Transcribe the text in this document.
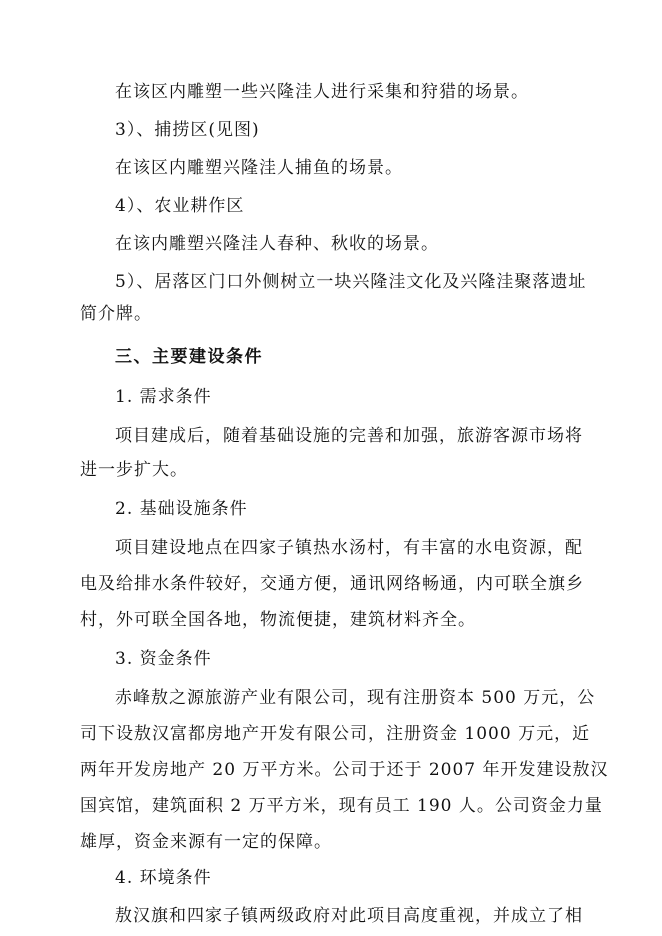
在该区内雕塑一些兴隆洼人进行采集和狩猎的场景。
3）、捕捞区(见图)
在该区内雕塑兴隆洼人捕鱼的场景。
4）、农业耕作区
在该内雕塑兴隆洼人春种、秋收的场景。
5）、居落区门口外侧树立一块兴隆洼文化及兴隆洼聚落遗址
简介牌。
三、主要建设条件
1. 需求条件
项目建成后，随着基础设施的完善和加强，旅游客源市场将
进一步扩大。
2. 基础设施条件
项目建设地点在四家子镇热水汤村，有丰富的水电资源，配
电及给排水条件较好，交通方便，通讯网络畅通，内可联全旗乡
村，外可联全国各地，物流便捷，建筑材料齐全。
3. 资金条件
赤峰敖之源旅游产业有限公司，现有注册资本 500 万元，公
司下设敖汉富都房地产开发有限公司，注册资金 1000 万元，近
两年开发房地产 20 万平方米。公司于还于 2007 年开发建设敖汉
国宾馆，建筑面积 2 万平方米，现有员工 190 人。公司资金力量
雄厚，资金来源有一定的保障。
4. 环境条件
敖汉旗和四家子镇两级政府对此项目高度重视，并成立了相
